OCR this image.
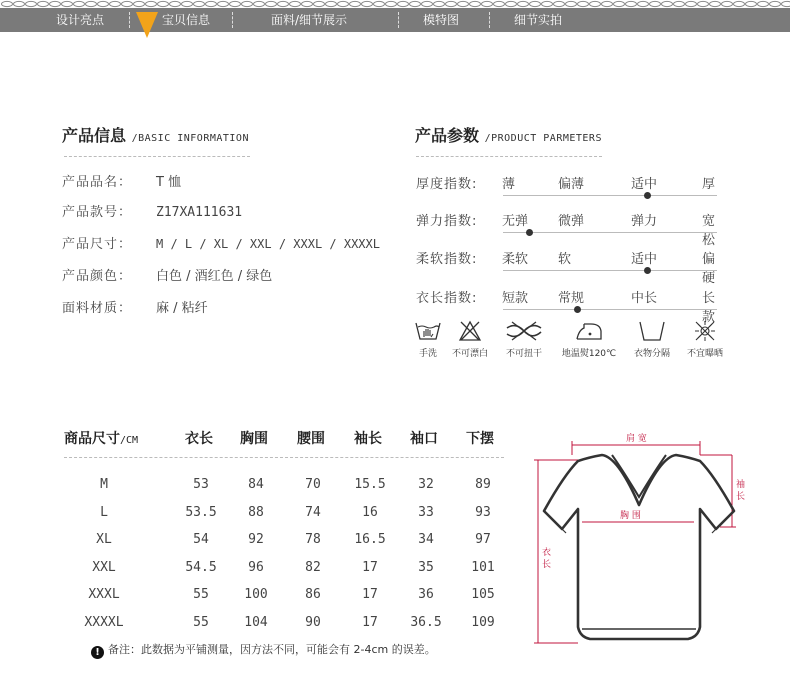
设计亮点	宝贝信息	面料/细节展示	模特图	细节实拍
产品信息 /BASIC INFORMATION
产品品名： T 恤
产品款号： Z17XA111631
产品尺寸： M / L / XL / XXL / XXXL / XXXXL
产品颜色： 白色 / 酒红色 / 绿色
面料材质： 麻 / 粘纤
产品参数 /PRODUCT PARMETERS
厚度指数: 薄	偏薄	适中	厚
弹力指数: 无弹 微弹	弹力	宽松
柔软指数: 柔软 软	适中	偏硬
衣长指数: 短款 常规	中长	长款
手洗	不可漂白	不可扭干	地温熨120℃	衣物分隔	不宜曝晒
商品尺寸/CM	衣长 胸围 腰围 袖长 袖口 下摆
M	53	84	70	15.5	32	89
L	53.5	88	74	16	33	93
XL	54	92	78	16.5	34	97
XXL	54.5	96	82	17	35	101
XXXL	55	100	86	17	36	105
XXXXL	55	104	90	17	36.5	109
! 备注：此数据为平铺测量，因方法不同，可能会有 2-4cm 的误差。
肩 宽
胸 围
袖长
衣长
